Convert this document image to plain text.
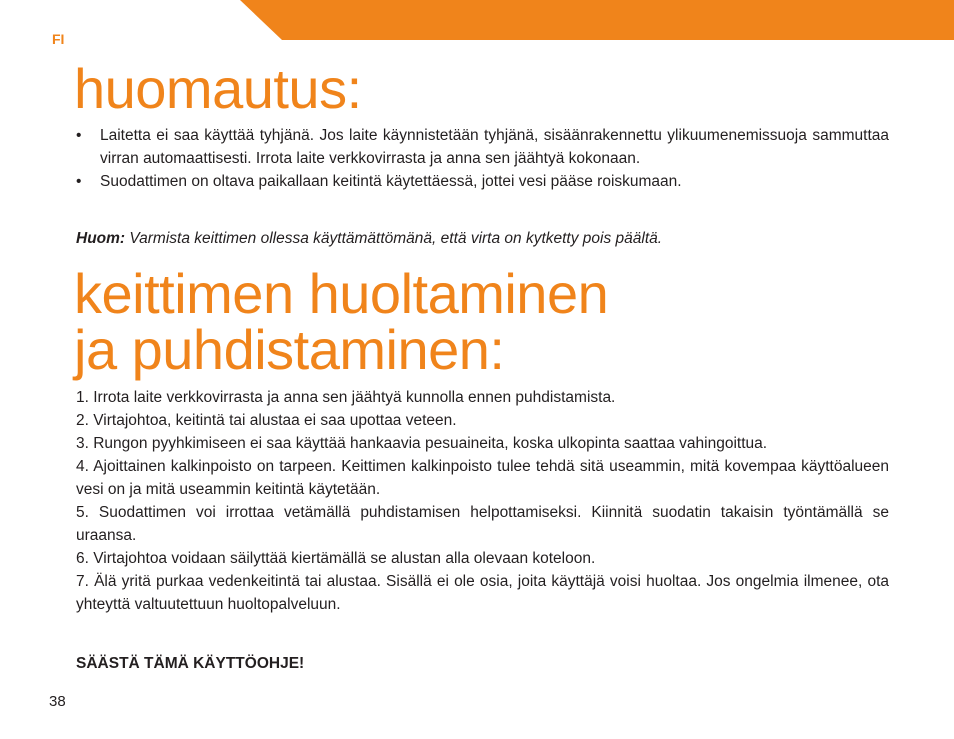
FI
huomautus:
•	Laitetta ei saa käyttää tyhjänä. Jos laite käynnistetään tyhjänä, sisäänrakennettu ylikuumenemissuoja sammuttaa virran automaattisesti. Irrota laite verkkovirrasta ja anna sen jäähtyä kokonaan.
•	Suodattimen on oltava paikallaan keitintä käytettäessä, jottei vesi pääse roiskumaan.
Huom: Varmista keittimen ollessa käyttämättömänä, että virta on kytketty pois päältä.
keittimen huoltaminen
ja puhdistaminen:

1. Irrota laite verkkovirrasta ja anna sen jäähtyä kunnolla ennen puhdistamista.

2. Virtajohtoa, keitintä tai alustaa ei saa upottaa veteen.

3. Rungon pyyhkimiseen ei saa käyttää hankaavia pesuaineita, koska ulkopinta saattaa vahingoittua.

4. Ajoittainen kalkinpoisto on tarpeen. Keittimen kalkinpoisto tulee tehdä sitä useammin, mitä kovempaa käyttöalueen vesi on ja mitä useammin keitintä käytetään.

5. Suodattimen voi irrottaa vetämällä puhdistamisen helpottamiseksi. Kiinnitä suodatin takaisin työntämällä se uraansa.

6. Virtajohtoa voidaan säilyttää kiertämällä se alustan alla olevaan koteloon.

7. Älä yritä purkaa vedenkeitintä tai alustaa. Sisällä ei ole osia, joita käyttäjä voisi huoltaa. Jos ongelmia ilmenee, ota yhteyttä valtuutettuun huoltopalveluun.

SÄÄSTÄ TÄMÄ KÄYTTÖOHJE!
38
